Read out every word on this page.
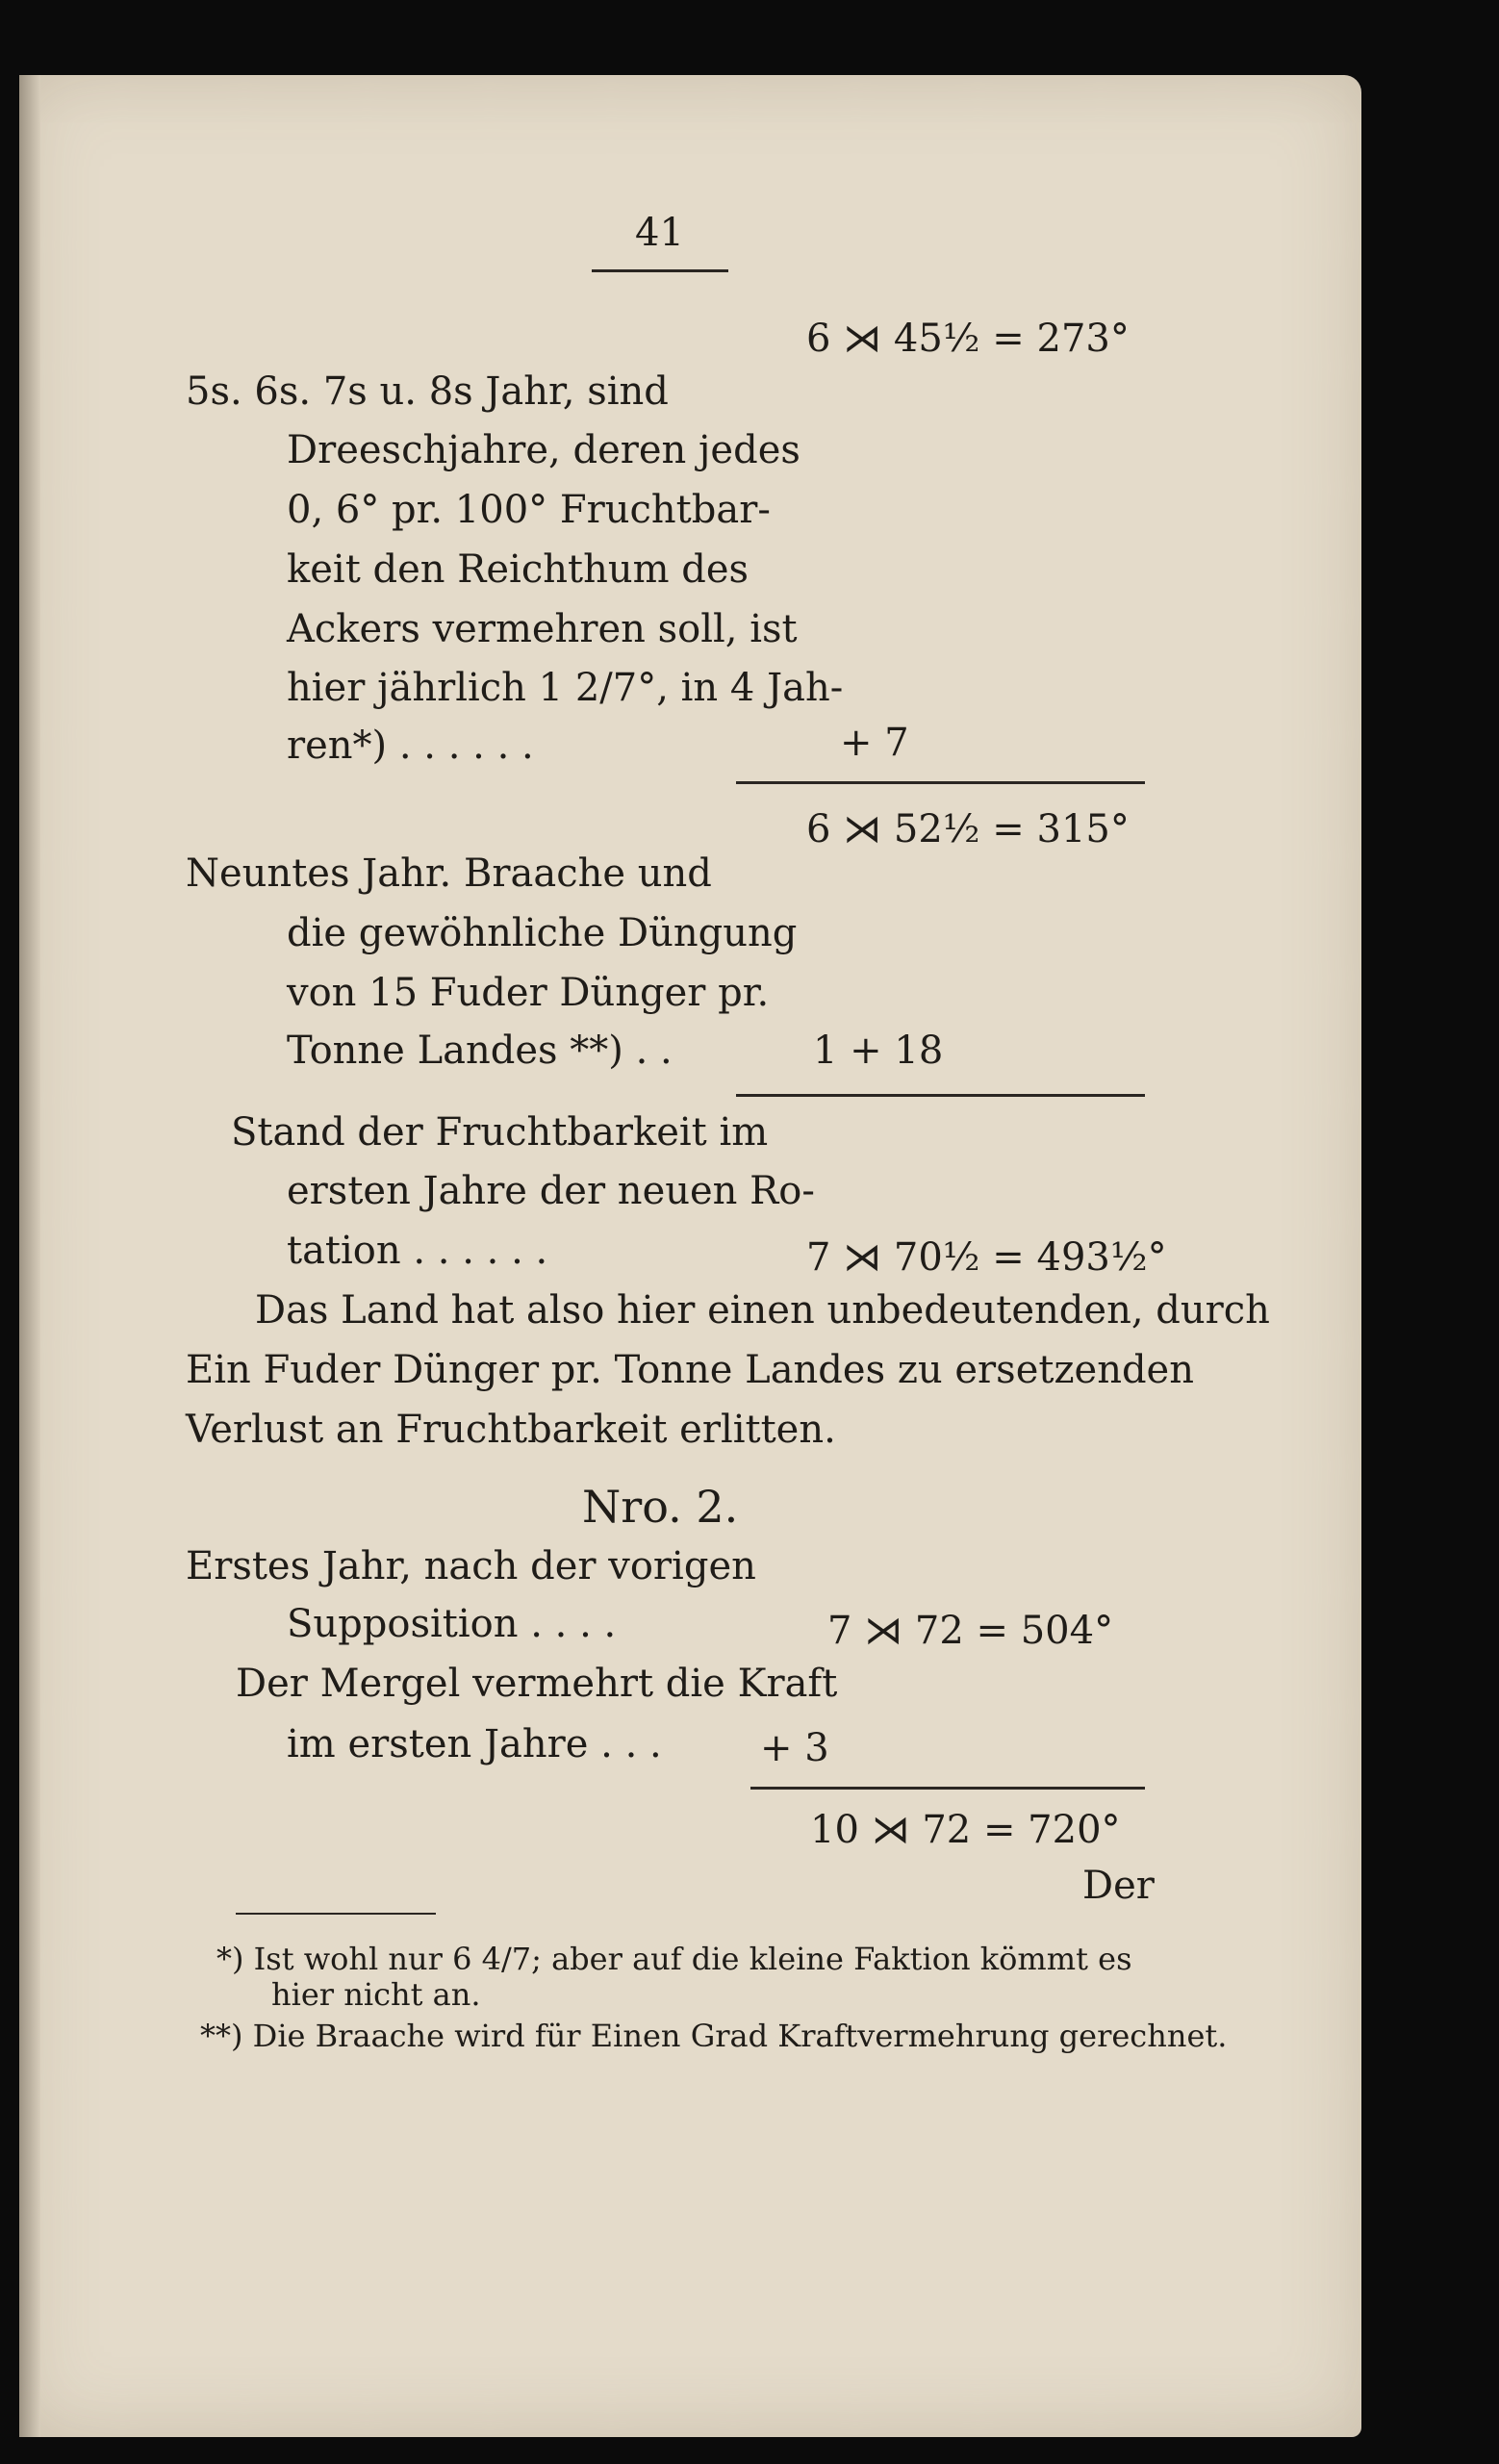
41
6 ⋊ 45½ = 273°
5s. 6s. 7s u. 8s Jahr, sind
Dreeschjahre, deren jedes
0, 6° pr. 100° Fruchtbar-
keit den Reichthum des
Ackers vermehren soll, ist
hier jährlich 1 2/7°, in 4 Jah-
ren*) . . . . . .	+ 7
6 ⋊ 52½ = 315°
Neuntes Jahr. Braache und
die gewöhnliche Düngung
von 15 Fuder Dünger pr.
Tonne Landes **) . .	1 + 18
Stand der Fruchtbarkeit im
ersten Jahre der neuen Ro-
tation . . . . . .	7 ⋊ 70½ = 493½°
Das Land hat also hier einen unbedeutenden, durch
Ein Fuder Dünger pr. Tonne Landes zu ersetzenden
Verlust an Fruchtbarkeit erlitten.
Nro. 2.
Erstes Jahr, nach der vorigen
Supposition . . . .	7 ⋊ 72 = 504°
Der Mergel vermehrt die Kraft
im ersten Jahre . . .	+ 3
10 ⋊ 72 = 720°
Der
*) Ist wohl nur 6 4/7; aber auf die kleine Faktion kömmt es
hier nicht an.
**) Die Braache wird für Einen Grad Kraftvermehrung gerechnet.
